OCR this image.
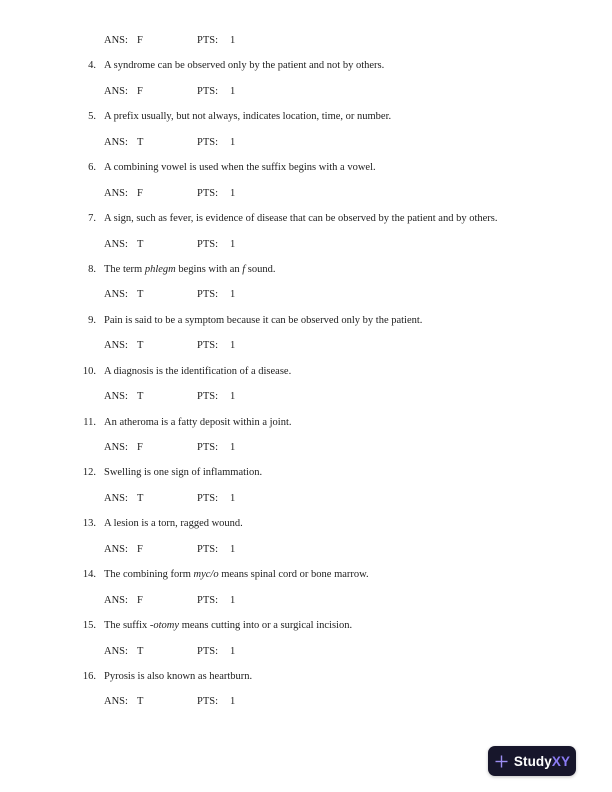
ANS: F	PTS:	1
4. A syndrome can be observed only by the patient and not by others.
ANS: F	PTS:	1
5. A prefix usually, but not always, indicates location, time, or number.
ANS: T	PTS:	1
6. A combining vowel is used when the suffix begins with a vowel.
ANS: F	PTS:	1
7. A sign, such as fever, is evidence of disease that can be observed by the patient and by others.
ANS: T	PTS:	1
8. The term phlegm begins with an f sound.
ANS: T	PTS:	1
9. Pain is said to be a symptom because it can be observed only by the patient.
ANS: T	PTS:	1
10. A diagnosis is the identification of a disease.
ANS: T	PTS:	1
11. An atheroma is a fatty deposit within a joint.
ANS: F	PTS:	1
12. Swelling is one sign of inflammation.
ANS: T	PTS:	1
13. A lesion is a torn, ragged wound.
ANS: F	PTS:	1
14. The combining form myc/o means spinal cord or bone marrow.
ANS: F	PTS:	1
15. The suffix -otomy means cutting into or a surgical incision.
ANS: T	PTS:	1
16. Pyrosis is also known as heartburn.
ANS: T	PTS:	1
StudyXY
